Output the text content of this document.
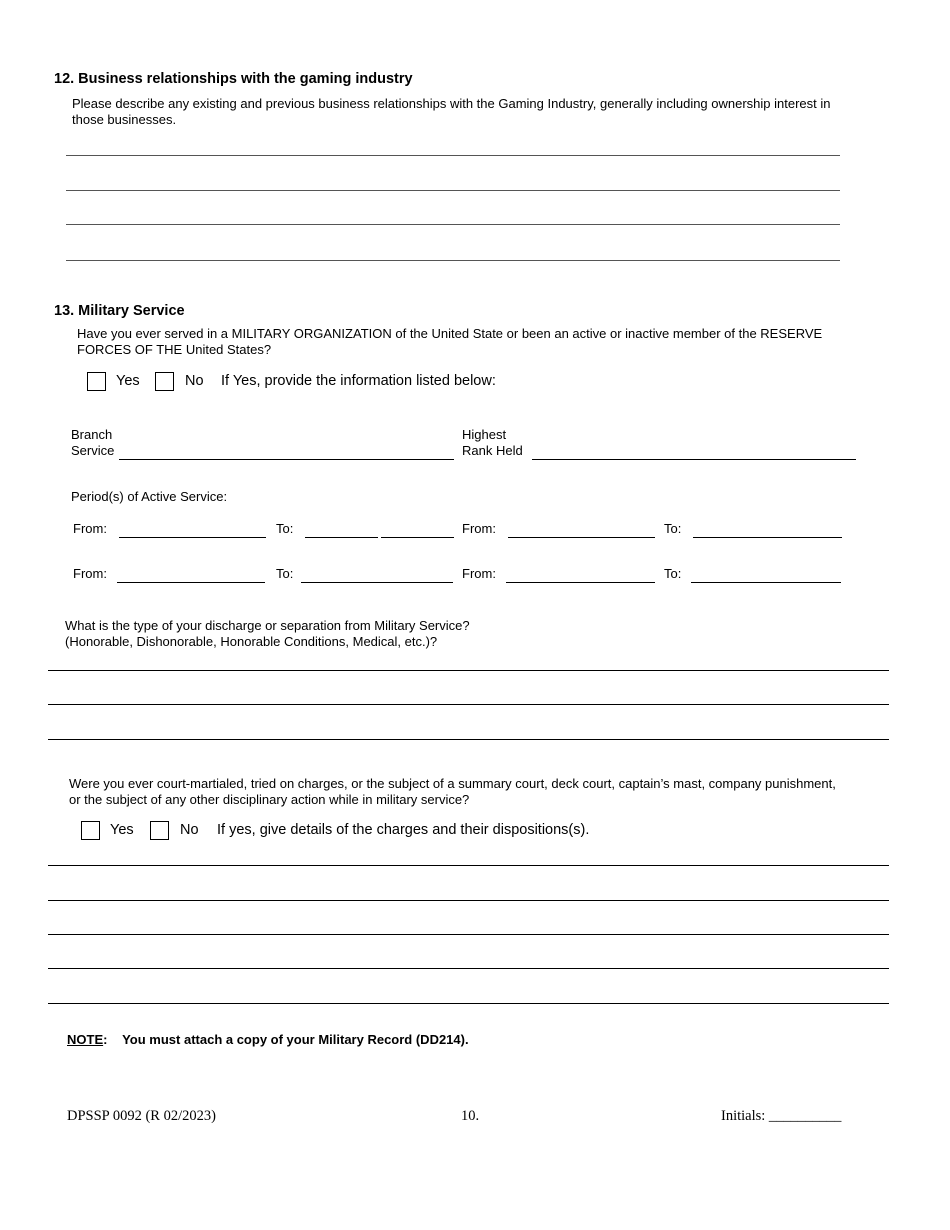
12. Business relationships with the gaming industry
Please describe any existing and previous business relationships with the Gaming Industry, generally including ownership interest in those businesses.
13. Military Service
Have you ever served in a MILITARY ORGANIZATION of the United State or been an active or inactive member of the RESERVE FORCES OF THE United States?
Yes	No If Yes, provide the information listed below:
Branch
Service
Highest
Rank Held
Period(s) of Active Service:
From:	To:	From:	To:
From:	To:	From:	To:
What is the type of your discharge or separation from Military Service?
(Honorable, Dishonorable, Honorable Conditions, Medical, etc.)?
Were you ever court-martialed, tried on charges, or the subject of a summary court, deck court, captain’s mast, company punishment, or the subject of any other disciplinary action while in military service?
Yes	No If yes, give details of the charges and their dispositions(s).
NOTE: You must attach a copy of your Military Record (DD214).
DPSSP 0092 (R 02/2023)	10.	Initials: __________
